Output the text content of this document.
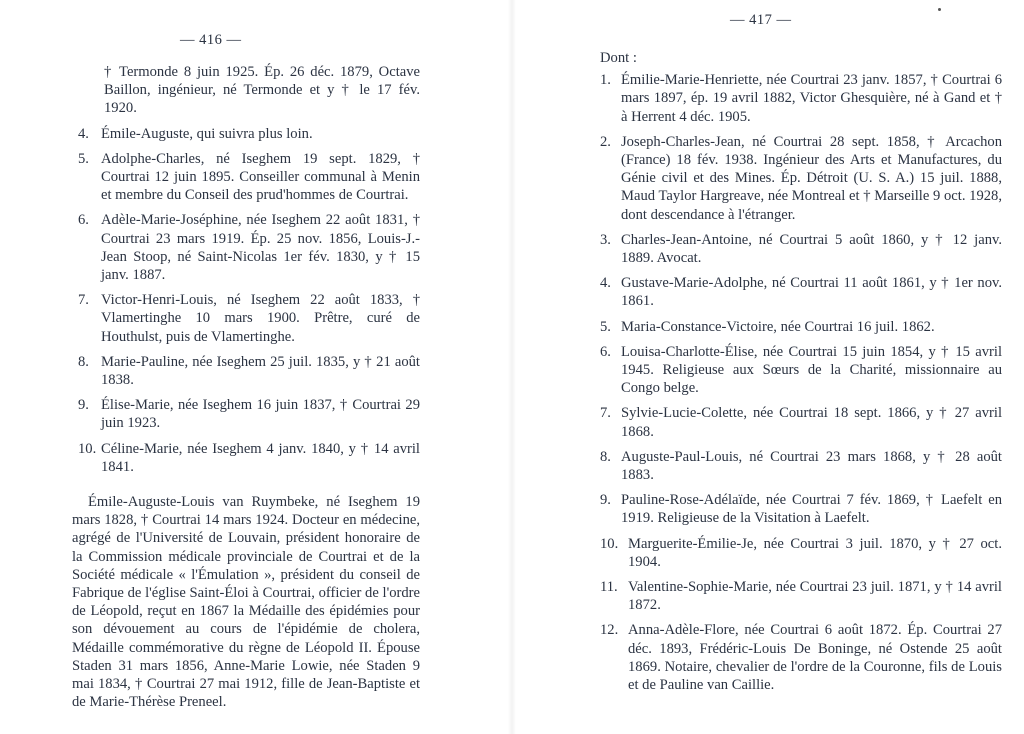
— 416 —
† Termonde 8 juin 1925. Ép. 26 déc. 1879, Octave Baillon, ingénieur, né Termonde et y † le 17 fév. 1920.
4. Émile-Auguste, qui suivra plus loin.
5. Adolphe-Charles, né Iseghem 19 sept. 1829, † Courtrai 12 juin 1895. Conseiller communal à Menin et membre du Conseil des prud'hommes de Courtrai.
6. Adèle-Marie-Joséphine, née Iseghem 22 août 1831, † Courtrai 23 mars 1919. Ép. 25 nov. 1856, Louis-J.-Jean Stoop, né Saint-Nicolas 1er fév. 1830, y † 15 janv. 1887.
7. Victor-Henri-Louis, né Iseghem 22 août 1833, † Vlamertinghe 10 mars 1900. Prêtre, curé de Houthulst, puis de Vlamertinghe.
8. Marie-Pauline, née Iseghem 25 juil. 1835, y † 21 août 1838.
9. Élise-Marie, née Iseghem 16 juin 1837, † Courtrai 29 juin 1923.
10. Céline-Marie, née Iseghem 4 janv. 1840, y † 14 avril 1841.
Émile-Auguste-Louis van Ruymbeke, né Iseghem 19 mars 1828, † Courtrai 14 mars 1924. Docteur en médecine, agrégé de l'Université de Louvain, président honoraire de la Commission médicale provinciale de Courtrai et de la Société médicale « l'Émulation », président du conseil de Fabrique de l'église Saint-Éloi à Courtrai, officier de l'ordre de Léopold, reçut en 1867 la Médaille des épidémies pour son dévouement au cours de l'épidémie de cholera, Médaille commémorative du règne de Léopold II. Épouse Staden 31 mars 1856, Anne-Marie Lowie, née Staden 9 mai 1834, † Courtrai 27 mai 1912, fille de Jean-Baptiste et de Marie-Thérèse Preneel.
— 417 —
Dont :
1. Émilie-Marie-Henriette, née Courtrai 23 janv. 1857, † Courtrai 6 mars 1897, ép. 19 avril 1882, Victor Ghesquière, né à Gand et † à Herrent 4 déc. 1905.
2. Joseph-Charles-Jean, né Courtrai 28 sept. 1858, † Arcachon (France) 18 fév. 1938. Ingénieur des Arts et Manufactures, du Génie civil et des Mines. Ép. Détroit (U. S. A.) 15 juil. 1888, Maud Taylor Hargreave, née Montreal et † Marseille 9 oct. 1928, dont descendance à l'étranger.
3. Charles-Jean-Antoine, né Courtrai 5 août 1860, y † 12 janv. 1889. Avocat.
4. Gustave-Marie-Adolphe, né Courtrai 11 août 1861, y † 1er nov. 1861.
5. Maria-Constance-Victoire, née Courtrai 16 juil. 1862.
6. Louisa-Charlotte-Élise, née Courtrai 15 juin 1854, y † 15 avril 1945. Religieuse aux Sœurs de la Charité, missionnaire au Congo belge.
7. Sylvie-Lucie-Colette, née Courtrai 18 sept. 1866, y † 27 avril 1868.
8. Auguste-Paul-Louis, né Courtrai 23 mars 1868, y † 28 août 1883.
9. Pauline-Rose-Adélaïde, née Courtrai 7 fév. 1869, † Laefelt en 1919. Religieuse de la Visitation à Laefelt.
10. Marguerite-Émilie-Je, née Courtrai 3 juil. 1870, y † 27 oct. 1904.
11. Valentine-Sophie-Marie, née Courtrai 23 juil. 1871, y † 14 avril 1872.
12. Anna-Adèle-Flore, née Courtrai 6 août 1872. Ép. Courtrai 27 déc. 1893, Frédéric-Louis De Boninge, né Ostende 25 août 1869. Notaire, chevalier de l'ordre de la Couronne, fils de Louis et de Pauline van Caillie.
